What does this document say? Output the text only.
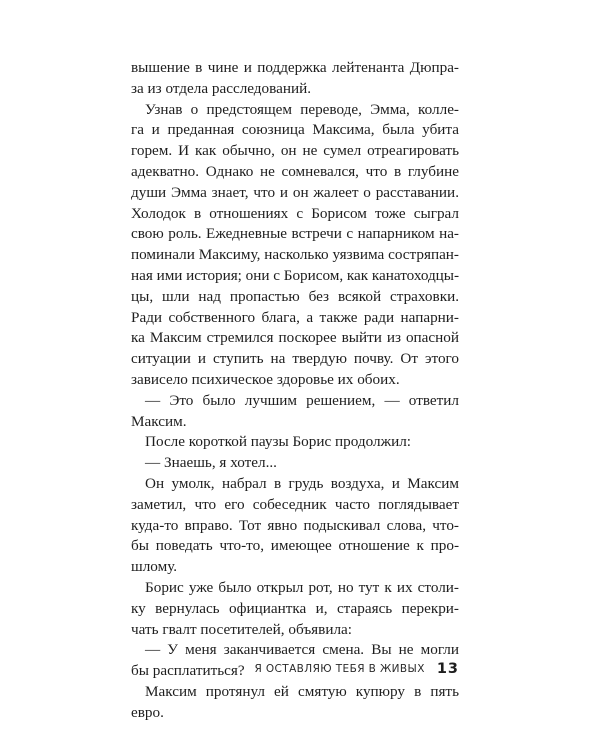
вышение в чине и поддержка лейтенанта Дюпра-
за из отдела расследований.
Узнав о предстоящем переводе, Эмма, колле-
га и преданная союзница Максима, была убита
горем. И как обычно, он не сумел отреагировать
адекватно. Однако не сомневался, что в глубине
души Эмма знает, что и он жалеет о расставании.
Холодок в отношениях с Борисом тоже сыграл
свою роль. Ежедневные встречи с напарником на-
поминали Максиму, насколько уязвима состряпан-
ная ими история; они с Борисом, как канатоходцы-
цы, шли над пропастью без всякой страховки.
Ради собственного блага, а также ради напарни-
ка Максим стремился поскорее выйти из опасной
ситуации и ступить на твердую почву. От этого
зависело психическое здоровье их обоих.
— Это было лучшим решением, — ответил
Максим.
После короткой паузы Борис продолжил:
— Знаешь, я хотел...
Он умолк, набрал в грудь воздуха, и Максим
заметил, что его собеседник часто поглядывает
куда-то вправо. Тот явно подыскивал слова, что-
бы поведать что-то, имеющее отношение к про-
шлому.
Борис уже было открыл рот, но тут к их столи-
ку вернулась официантка и, стараясь перекри-
чать гвалт посетителей, объявила:
— У меня заканчивается смена. Вы не могли
бы расплатиться?
Максим протянул ей смятую купюру в пять
евро.
Я ОСТАВЛЯЮ ТЕБЯ В ЖИВЫХ 13
